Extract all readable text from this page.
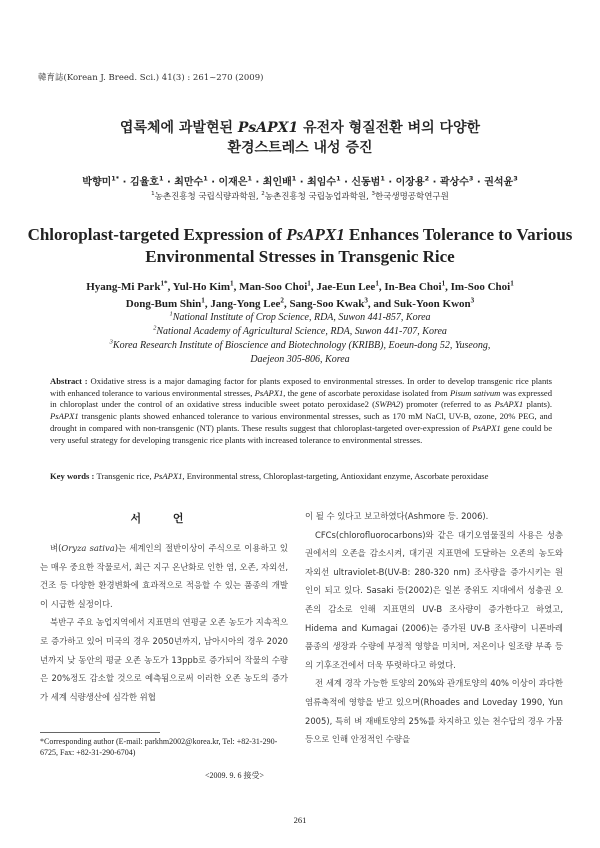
韓育誌(Korean J. Breed. Sci.) 41(3) : 261~270 (2009)
엽록체에 과발현된 PsAPX1 유전자 형질전환 벼의 다양한
환경스트레스 내성 증진
박향미$^{1*}$ · 김율호$^1$ · 최만수$^1$ · 이재은$^1$ · 최인배$^1$ · 최임수$^1$ · 신동범$^1$ · 이장용$^2$ · 곽상수$^3$ · 권석윤$^3$
$^1$농촌진흥청 국립식량과학원, $^2$농촌진흥청 국립농업과학원, $^3$한국생명공학연구원
Chloroplast-targeted Expression of PsAPX1 Enhances Tolerance to Various
Environmental Stresses in Transgenic Rice
Hyang-Mi Park$^{1*}$, Yul-Ho Kim$^1$, Man-Soo Choi$^1$, Jae-Eun Lee$^1$, In-Bea Choi$^1$, Im-Soo Choi$^1$
Dong-Bum Shin$^1$, Jang-Yong Lee$^2$, Sang-Soo Kwak$^3$, and Suk-Yoon Kwon$^3$
$^1$National Institute of Crop Science, RDA, Suwon 441-857, Korea
$^2$National Academy of Agricultural Science, RDA, Suwon 441-707, Korea
$^3$Korea Research Institute of Bioscience and Biotechnology (KRIBB), Eoeun-dong 52, Yuseong,
Daejeon 305-806, Korea
Abstract : Oxidative stress is a major damaging factor for plants exposed to environmental stresses. In order to develop transgenic rice plants with enhanced tolerance to various environmental stresses, PsAPX1, the gene of ascorbate peroxidase isolated from Pisum sativum was expressed in chloroplast under the control of an oxidative stress inducible sweet potato peroxidase2 (SWPA2) promoter (referred to as PsAPX1 plants). PsAPX1 transgenic plants showed enhanced tolerance to various environmental stresses, such as 170 mM NaCl, UV-B, ozone, 20% PEG, and drought in compared with non-transgenic (NT) plants. These results suggest that chloroplast-targeted over-expression of PsAPX1 gene could be very useful strategy for developing transgenic rice plants with increased tolerance to environmental stresses.
Key words : Transgenic rice, PsAPX1, Environmental stress, Chloroplast-targeting, Antioxidant enzyme, Ascorbate peroxidase
서 언

벼(Oryza sativa)는 세계인의 절반이상이 주식으로 이용하고 있는 매우 중요한 작물로서, 최근 지구 온난화로 인한 염, 오존, 자외선, 건조 등 다양한 환경변화에 효과적으로 적응할 수 있는 품종의 개발이 시급한 실정이다.

북반구 주요 농업지역에서 지표면의 연평균 오존 농도가 지속적으로 증가하고 있어 미국의 경우 2050년까지, 남아시아의 경우 2020년까지 낮 동안의 평균 오존 농도가 13ppb로 증가되어 작물의 수량은 20%정도 감소할 것으로 예측됨으로써 이러한 오존 농도의 증가가 세계 식량생산에 심각한 위협

이 될 수 있다고 보고하였다(Ashmore 등. 2006).

CFCs(chlorofluorocarbons)와 같은 대기오염물질의 사용은 성층권에서의 오존을 감소시켜, 대기권 지표면에 도달하는 오존의 농도와 자외선 ultraviolet-B(UV-B: 280-320 nm) 조사량을 증가시키는 원인이 되고 있다. Sasaki 등(2002)은 일본 중위도 지대에서 성층권 오존의 감소로 인해 지표면의 UV-B 조사량이 증가한다고 하였고, Hidema and Kumagai (2006)는 증가된 UV-B 조사량이 니폰바레 품종의 생장과 수량에 부정적 영향을 미치며, 저온이나 일조량 부족 등의 기후조건에서 더욱 뚜렷하다고 하였다.

전 세계 경작 가능한 토양의 20%와 관개토양의 40% 이상이 과다한 염류축적에 영향을 받고 있으며(Rhoades and Loveday 1990, Yun 2005), 특히 벼 재배토양의 25%를 차지하고 있는 천수답의 경우 가뭄 등으로 인해 안정적인 수량을

*Corresponding author (E-mail: parkhm2002@korea.kr, Tel: +82-31-290-6725, Fax: +82-31-290-6704)
<2009. 9. 6 接受>
261
